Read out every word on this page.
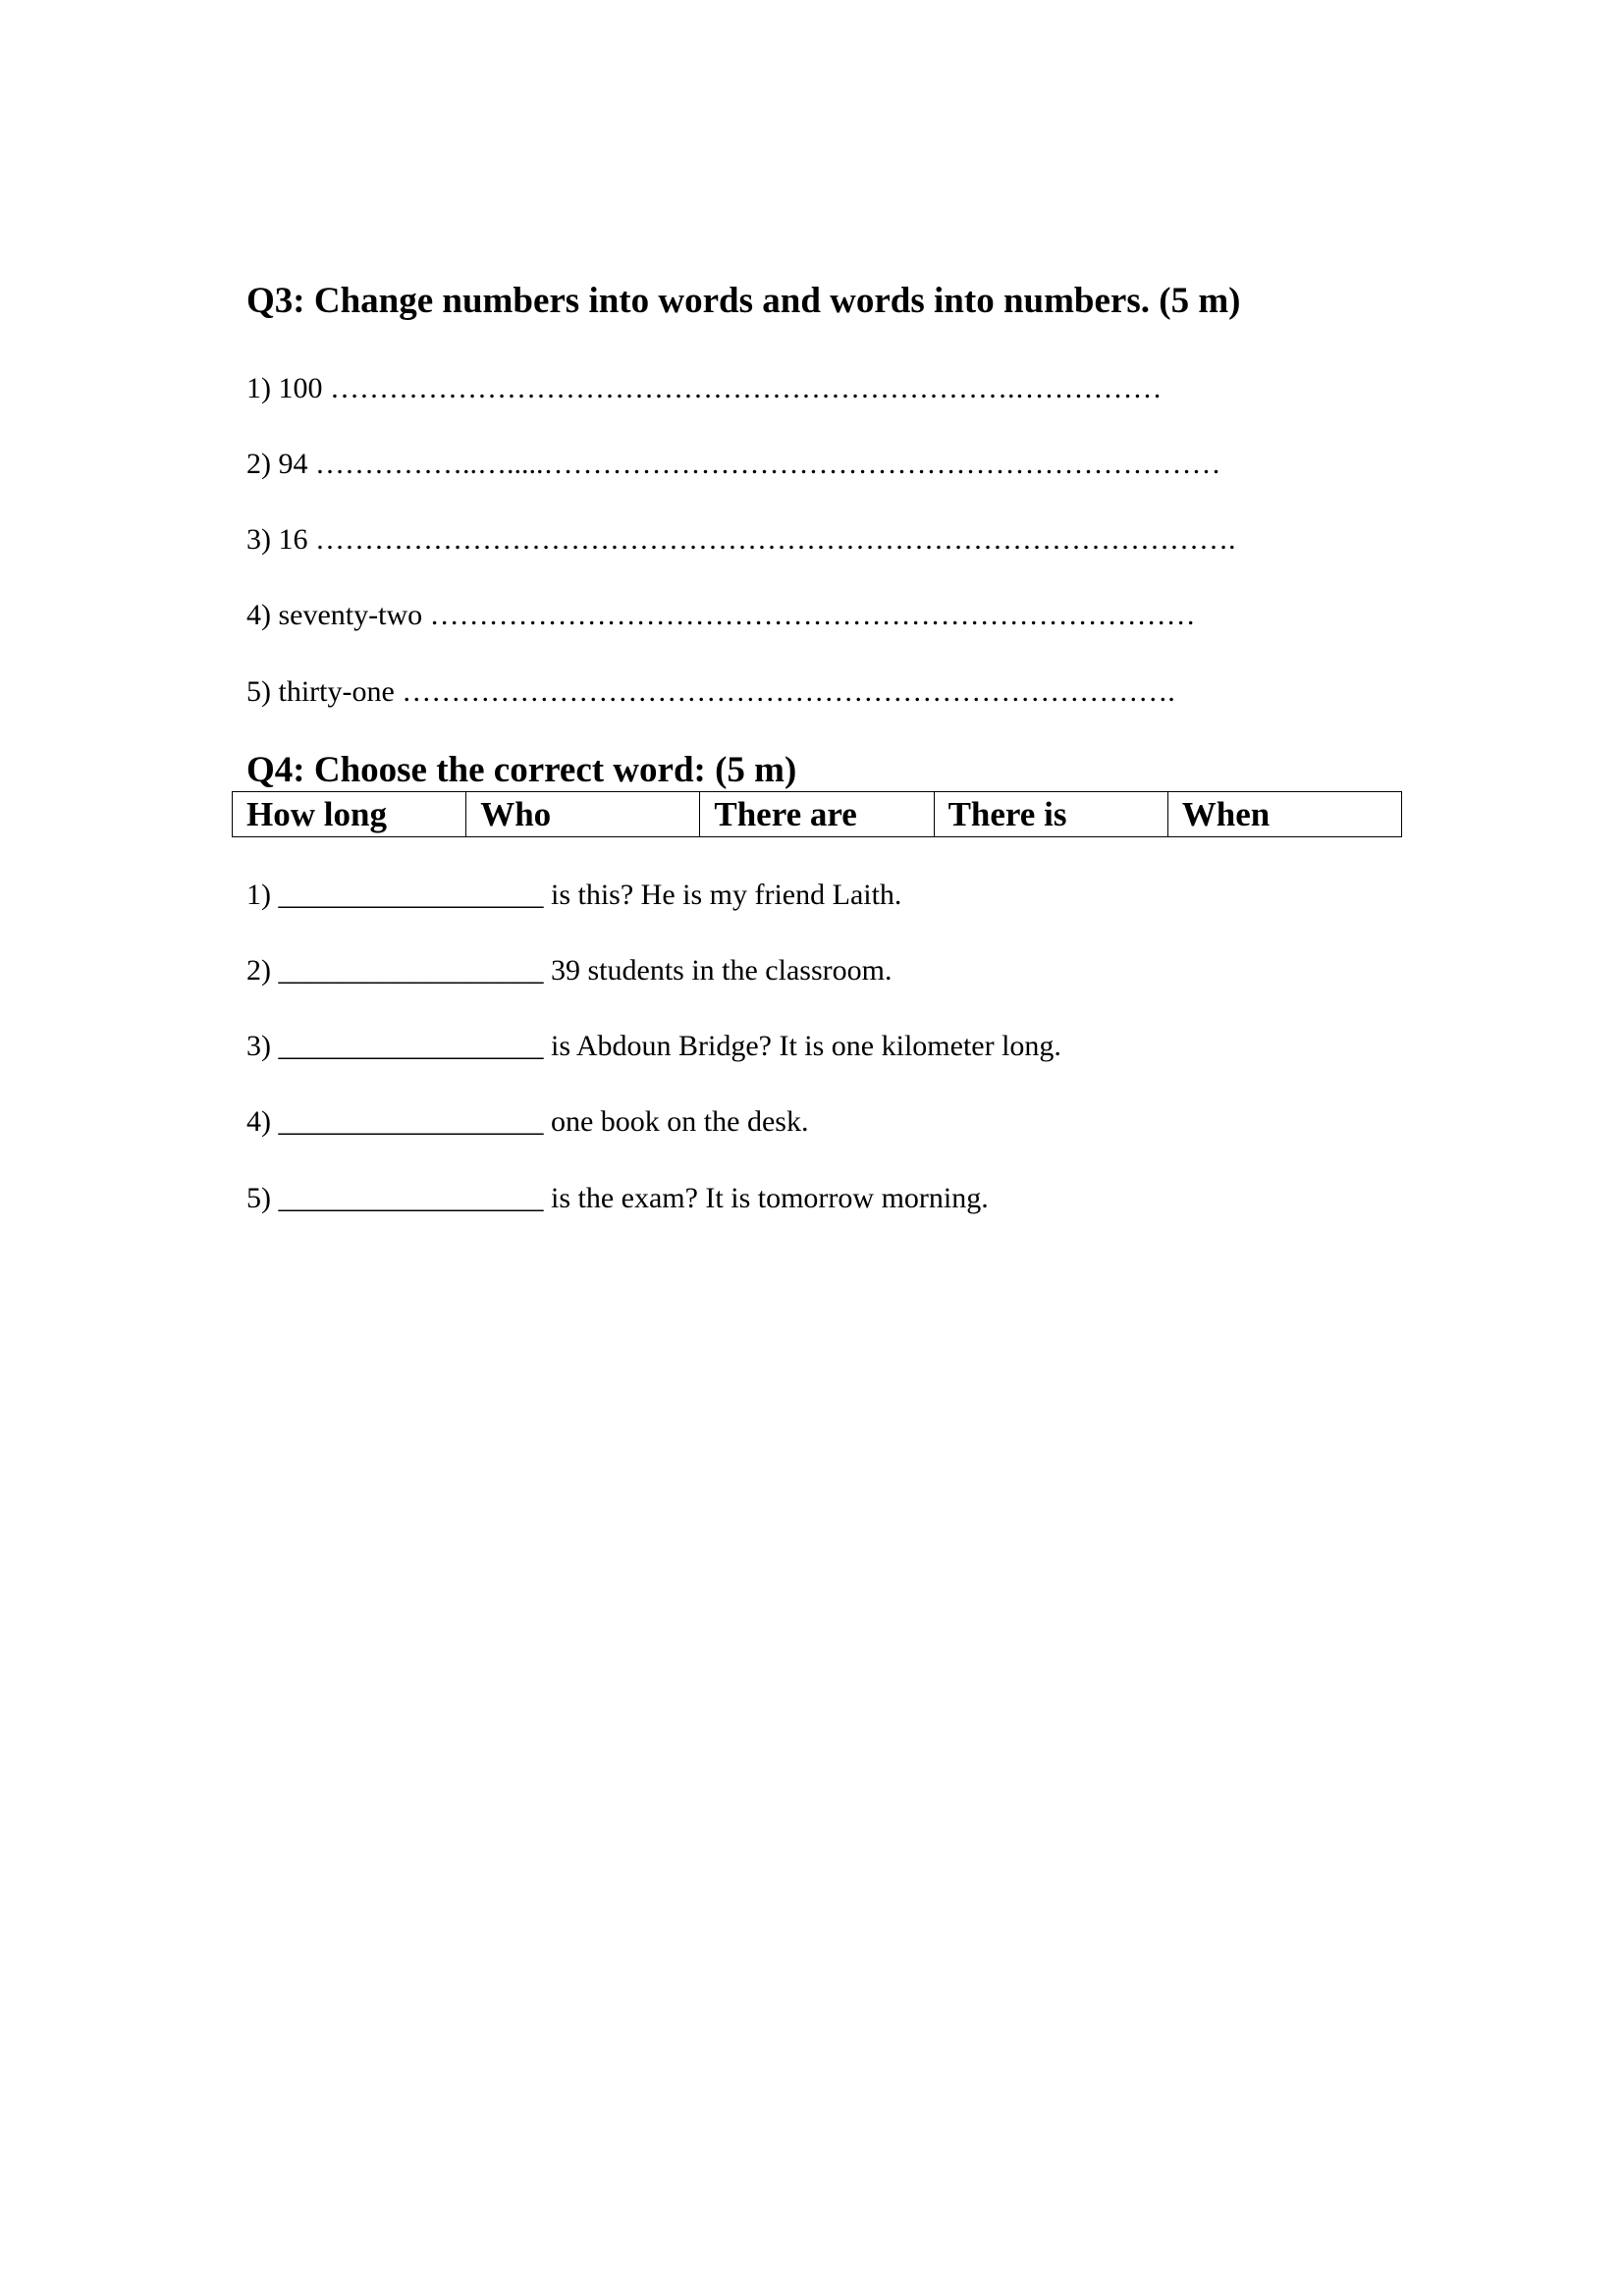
Q3: Change numbers into words and words into numbers. (5 m)
1) 100 …………………………………………………………….……………
2) 94 ……………..….....……………………………………………………………
3) 16 ………………………………………………………………………………….
4) seventy-two ……………………………………………………………………
5) thirty-one …………………………………………………………………….
Q4: Choose the correct word: (5 m)
How long	Who	There are	There is	When
1) __________________ is this? He is my friend Laith.
2) __________________ 39 students in the classroom.
3) __________________ is Abdoun Bridge? It is one kilometer long.
4) __________________ one book on the desk.
5) __________________ is the exam? It is tomorrow morning.
